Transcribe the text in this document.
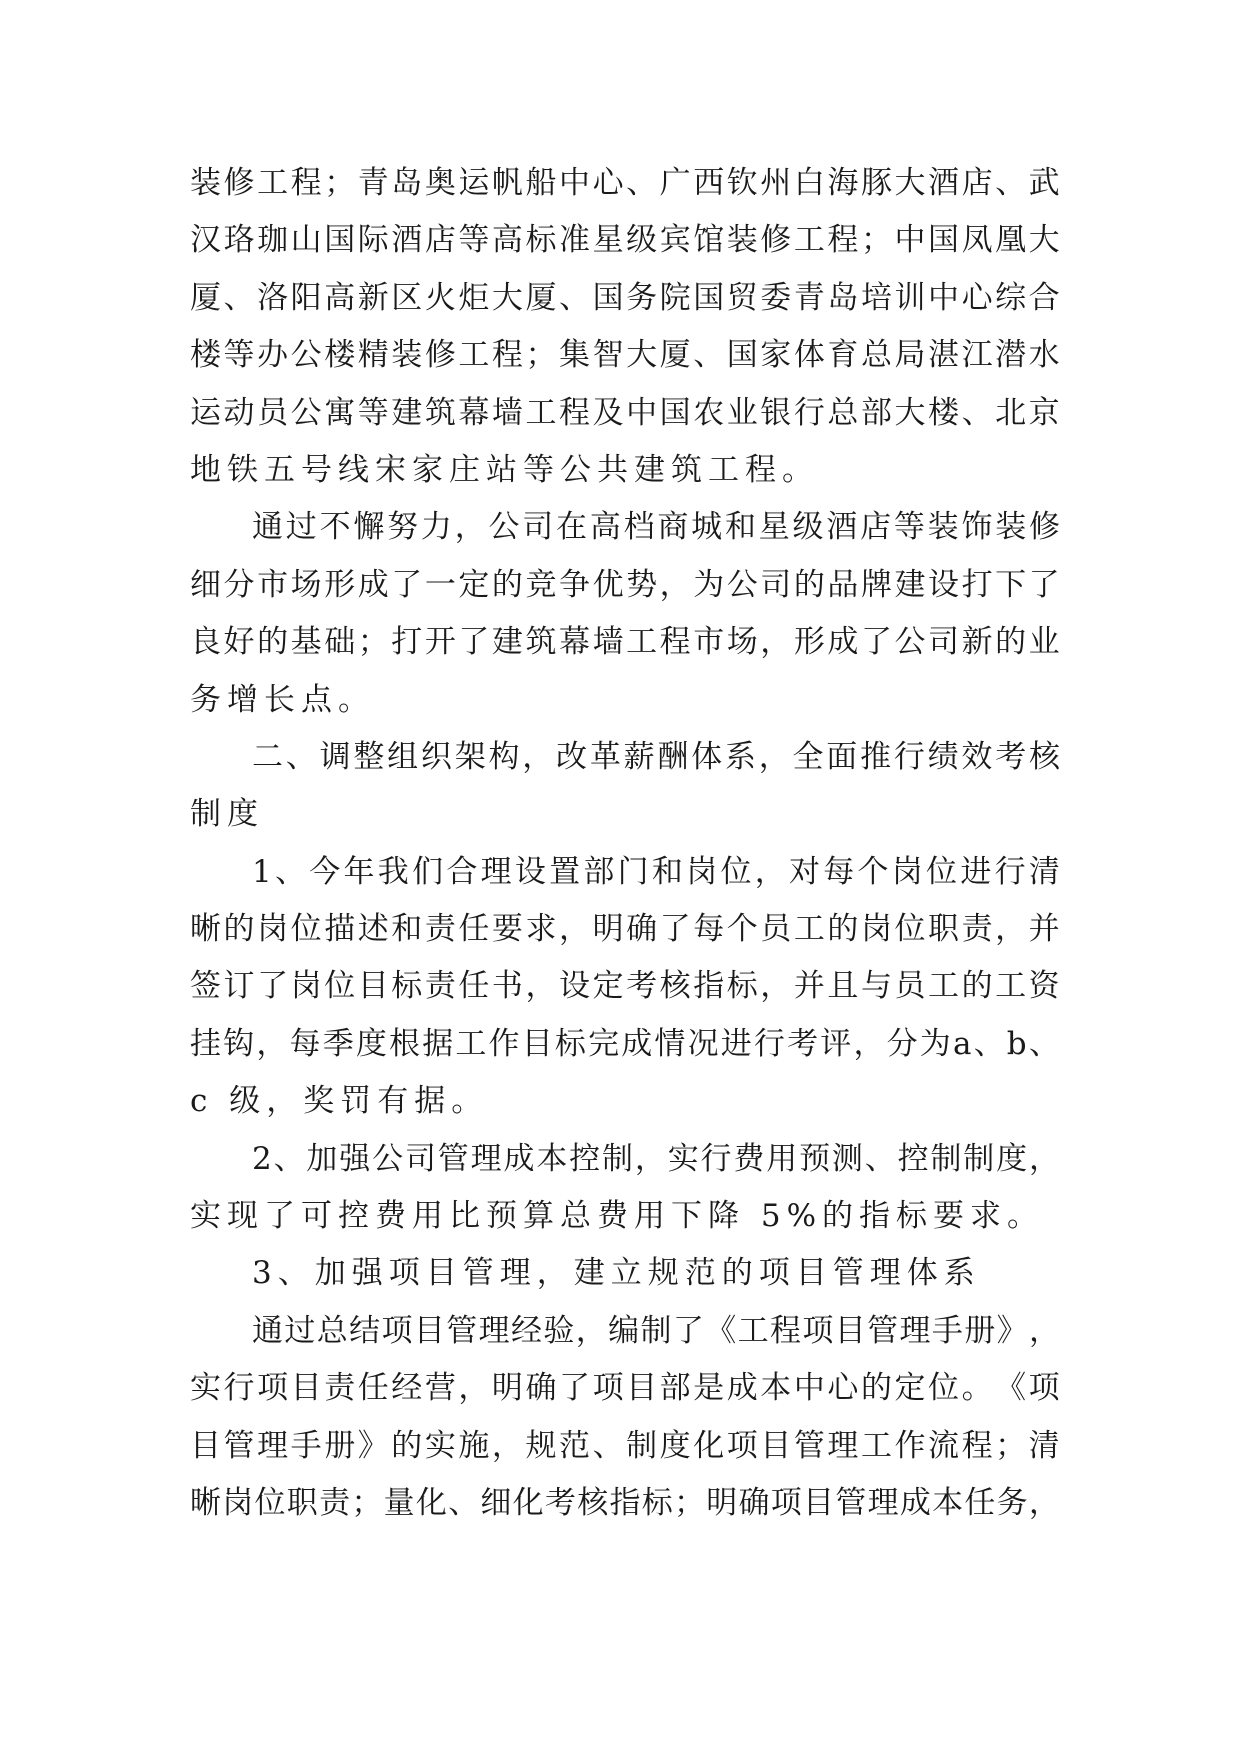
装 修 工 程 ； 青 岛 奥 运 帆 船 中 心 、 广 西 钦 州 白 海 豚 大 酒 店 、 武
汉 珞 珈 山 国 际 酒 店 等 高 标 准 星 级 宾 馆 装 修 工 程 ； 中 国 凤 凰 大
厦 、 洛 阳 高 新 区 火 炬 大 厦 、 国 务 院 国 贸 委 青 岛 培 训 中 心 综 合
楼 等 办 公 楼 精 装 修 工 程 ； 集 智 大 厦 、 国 家 体 育 总 局 湛 江 潜 水
运 动 员 公 寓 等 建 筑 幕 墙 工 程 及 中 国 农 业 银 行 总 部 大 楼 、 北 京
地铁五号线宋家庄站等公共建筑工程。
通 过 不 懈 努 力 ， 公 司 在 高 档 商 城 和 星 级 酒 店 等 装 饰 装 修
细 分 市 场 形 成 了 一 定 的 竞 争 优 势 ， 为 公 司 的 品 牌 建 设 打 下 了
良 好 的 基 础 ； 打 开 了 建 筑 幕 墙 工 程 市 场 ， 形 成 了 公 司 新 的 业
务增长点。
二 、 调 整 组 织 架 构 ， 改 革 薪 酬 体 系 ， 全 面 推 行 绩 效 考 核
制度
1 、 今 年 我 们 合 理 设 置 部 门 和 岗 位 ， 对 每 个 岗 位 进 行 清
晰 的 岗 位 描 述 和 责 任 要 求 ， 明 确 了 每 个 员 工 的 岗 位 职 责 ， 并
签 订 了 岗 位 目 标 责 任 书 ， 设 定 考 核 指 标 ， 并 且 与 员 工 的 工 资
挂 钩 ， 每 季 度 根 据 工 作 目 标 完 成 情 况 进 行 考 评 ， 分 为 a 、 b 、
c 级，奖罚有据。
2 、 加 强 公 司 管 理 成 本 控 制 ， 实 行 费 用 预 测 、 控 制 制 度 ，
实现了可控费用比预算总费用下降 5%的指标要求。
3、加强项目管理，建立规范的项目管理体系
通 过 总 结 项 目 管 理 经 验 ， 编 制 了 《 工 程 项 目 管 理 手 册 》 ，
实 行 项 目 责 任 经 营 ， 明 确 了 项 目 部 是 成 本 中 心 的 定 位 。 《 项
目 管 理 手 册 》 的 实 施 ， 规 范 、 制 度 化 项 目 管 理 工 作 流 程 ； 清
晰 岗 位 职 责 ； 量 化 、 细 化 考 核 指 标 ； 明 确 项 目 管 理 成 本 任 务 ，
